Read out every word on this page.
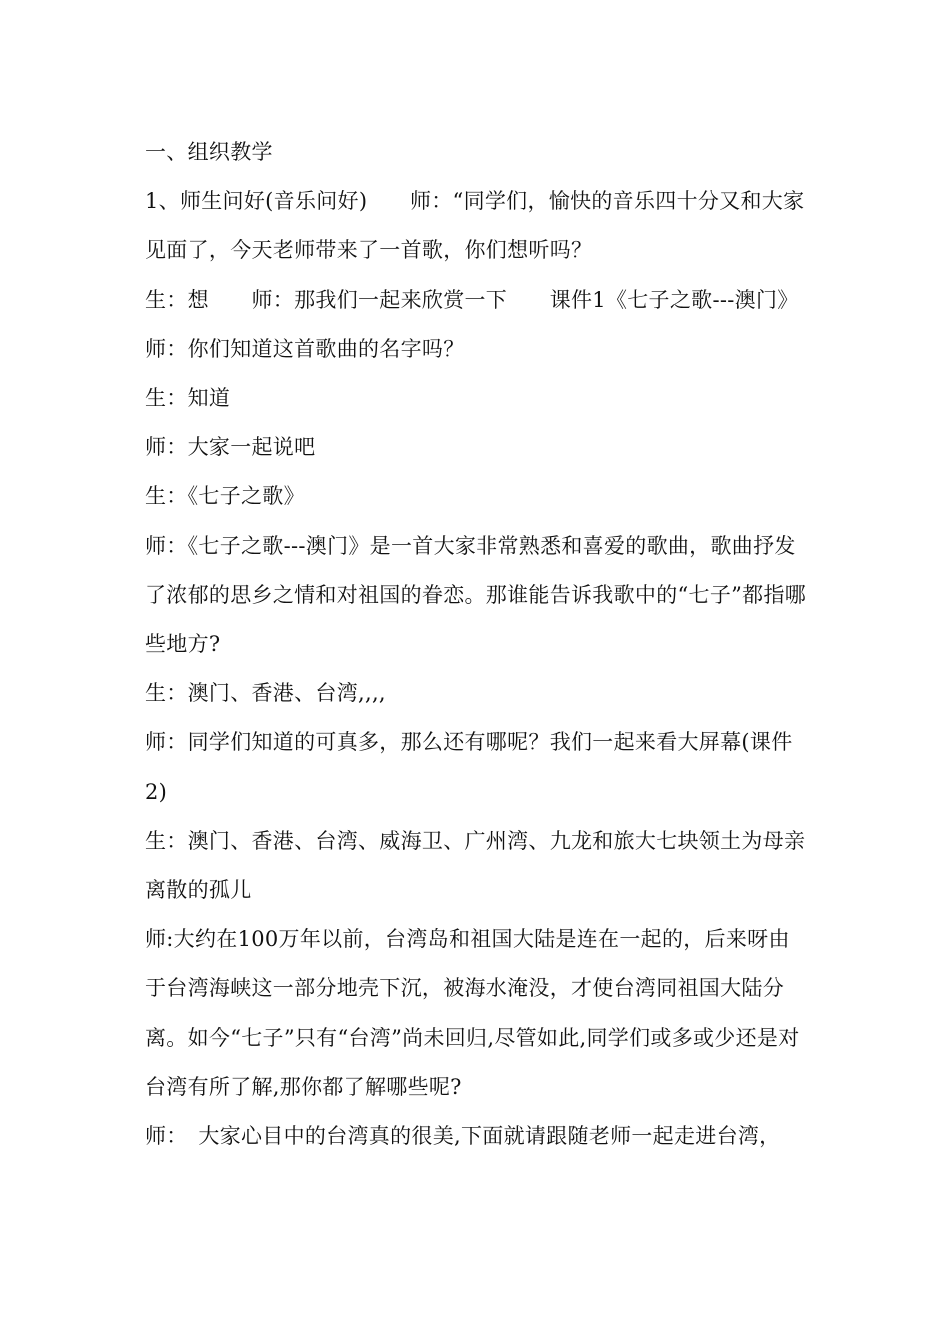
一、组织教学

1、师生问好(音乐问好)　　师：“同学们，愉快的音乐四十分又和大家见面了，今天老师带来了一首歌，你们想听吗？

生：想　　师：那我们一起来欣赏一下　　课件1《七子之歌---澳门》

师：你们知道这首歌曲的名字吗？

生：知道

师：大家一起说吧

生：《七子之歌》

师：《七子之歌---澳门》是一首大家非常熟悉和喜爱的歌曲，歌曲抒发了浓郁的思乡之情和对祖国的眷恋。那谁能告诉我歌中的“七子”都指哪些地方?

生：澳门、香港、台湾,,,,

师：同学们知道的可真多，那么还有哪呢？我们一起来看大屏幕(课件2)

生：澳门、香港、台湾、威海卫、广州湾、九龙和旅大七块领土为母亲离散的孤儿

师:大约在100万年以前，台湾岛和祖国大陆是连在一起的，后来呀由于台湾海峡这一部分地壳下沉，被海水淹没，才使台湾同祖国大陆分离。如今“七子”只有“台湾”尚未回归,尽管如此,同学们或多或少还是对台湾有所了解,那你都了解哪些呢?

师：　大家心目中的台湾真的很美,下面就请跟随老师一起走进台湾，
